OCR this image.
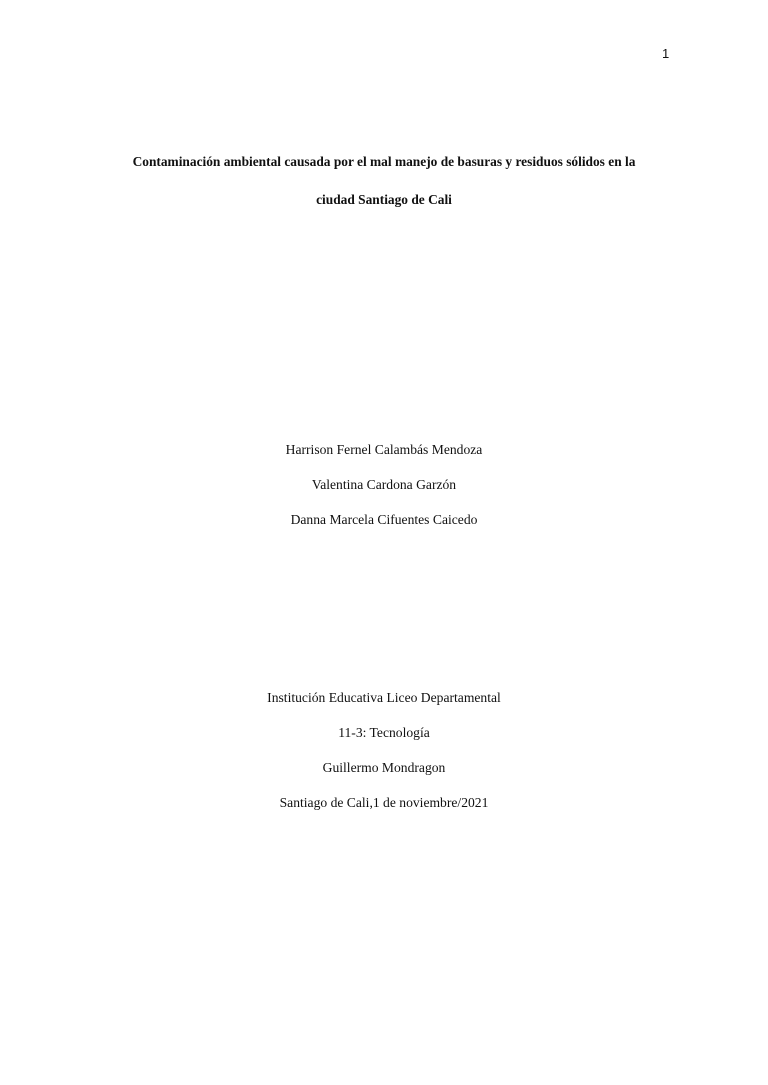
1
Contaminación ambiental causada por el mal manejo de basuras y residuos sólidos en la
ciudad Santiago de Cali
Harrison Fernel Calambás Mendoza
Valentina Cardona Garzón
Danna Marcela Cifuentes Caicedo
Institución Educativa Liceo Departamental
11-3: Tecnología
Guillermo Mondragon
Santiago de Cali,1 de noviembre/2021
